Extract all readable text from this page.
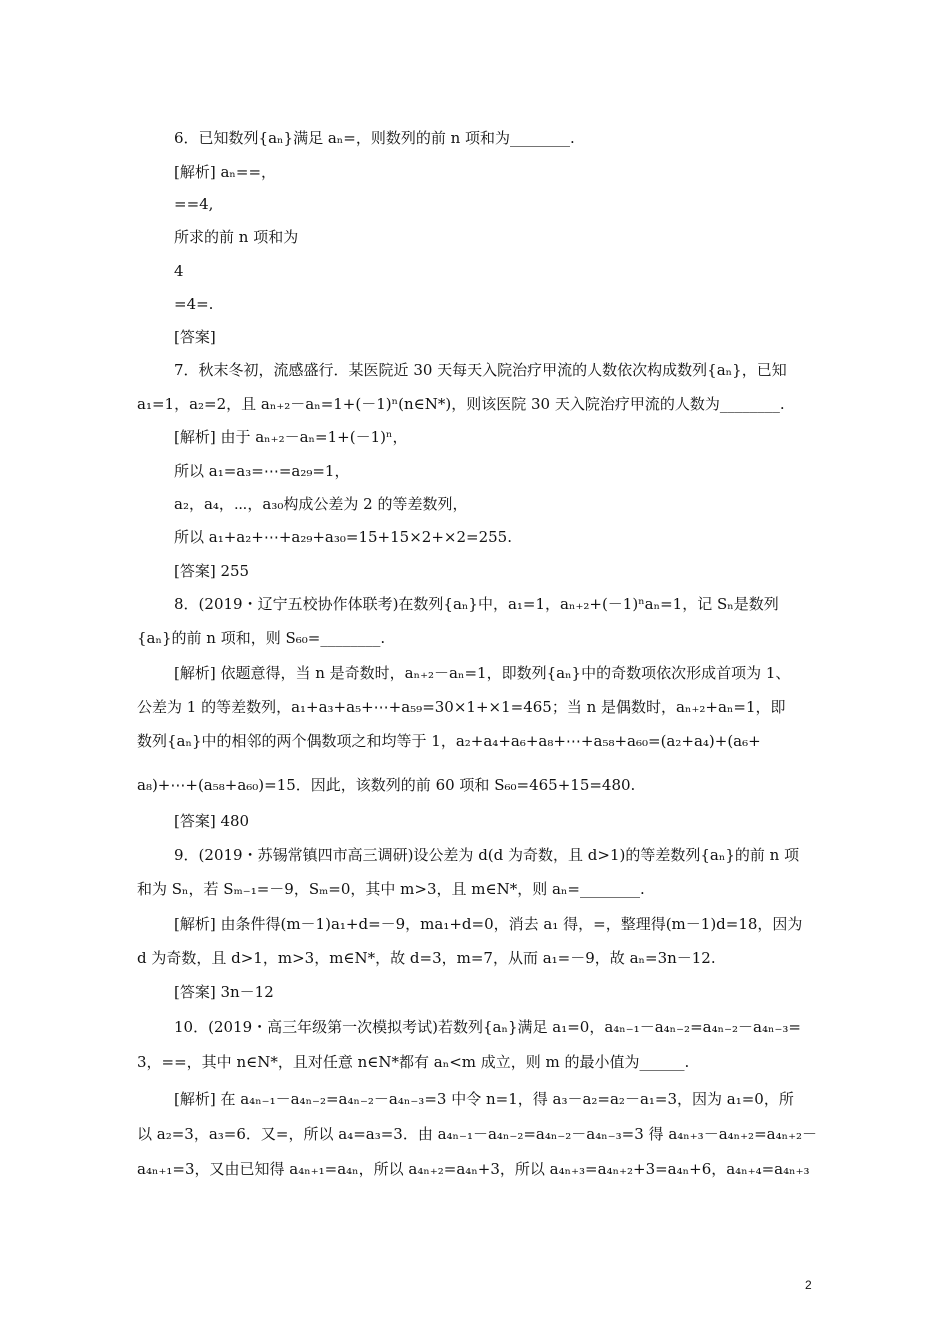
6．已知数列{aₙ}满足 aₙ=，则数列的前 n 项和为________.
[解析] aₙ==，
==4,
所求的前 n 项和为
4
=4=.
[答案]
7．秋末冬初，流感盛行．某医院近 30 天每天入院治疗甲流的人数依次构成数列{aₙ}，已知
a₁=1，a₂=2，且 aₙ₊₂－aₙ=1+(－1)ⁿ(n∈N*)，则该医院 30 天入院治疗甲流的人数为________.
[解析] 由于 aₙ₊₂－aₙ=1+(－1)ⁿ，
所以 a₁=a₃=⋯=a₂₉=1，
a₂，a₄，⋯，a₃₀构成公差为 2 的等差数列，
所以 a₁+a₂+⋯+a₂₉+a₃₀=15+15×2+×2=255.
[答案] 255
8．(2019・辽宁五校协作体联考)在数列{aₙ}中，a₁=1，aₙ₊₂+(－1)ⁿaₙ=1，记 Sₙ是数列
{aₙ}的前 n 项和，则 S₆₀=________.
[解析] 依题意得，当 n 是奇数时，aₙ₊₂－aₙ=1，即数列{aₙ}中的奇数项依次形成首项为 1、
公差为 1 的等差数列，a₁+a₃+a₅+⋯+a₅₉=30×1+×1=465；当 n 是偶数时，aₙ₊₂+aₙ=1，即
数列{aₙ}中的相邻的两个偶数项之和均等于 1，a₂+a₄+a₆+a₈+⋯+a₅₈+a₆₀=(a₂+a₄)+(a₆+
a₈)+⋯+(a₅₈+a₆₀)=15．因此，该数列的前 60 项和 S₆₀=465+15=480.
[答案] 480
9．(2019・苏锡常镇四市高三调研)设公差为 d(d 为奇数，且 d>1)的等差数列{aₙ}的前 n 项
和为 Sₙ，若 Sₘ₋₁=－9，Sₘ=0，其中 m>3，且 m∈N*，则 aₙ=________.
[解析] 由条件得(m－1)a₁+d=－9，ma₁+d=0，消去 a₁ 得，=，整理得(m－1)d=18，因为
d 为奇数，且 d>1，m>3，m∈N*，故 d=3，m=7，从而 a₁=－9，故 aₙ=3n－12.
[答案] 3n－12
10．(2019・高三年级第一次模拟考试)若数列{aₙ}满足 a₁=0，a₄ₙ₋₁－a₄ₙ₋₂=a₄ₙ₋₂－a₄ₙ₋₃=
3，==，其中 n∈N*，且对任意 n∈N*都有 aₙ<m 成立，则 m 的最小值为______.
[解析] 在 a₄ₙ₋₁－a₄ₙ₋₂=a₄ₙ₋₂－a₄ₙ₋₃=3 中令 n=1，得 a₃－a₂=a₂－a₁=3，因为 a₁=0，所
以 a₂=3，a₃=6．又=，所以 a₄=a₃=3．由 a₄ₙ₋₁－a₄ₙ₋₂=a₄ₙ₋₂－a₄ₙ₋₃=3 得 a₄ₙ₊₃－a₄ₙ₊₂=a₄ₙ₊₂－
a₄ₙ₊₁=3，又由已知得 a₄ₙ₊₁=a₄ₙ，所以 a₄ₙ₊₂=a₄ₙ+3，所以 a₄ₙ₊₃=a₄ₙ₊₂+3=a₄ₙ+6，a₄ₙ₊₄=a₄ₙ₊₃
2
